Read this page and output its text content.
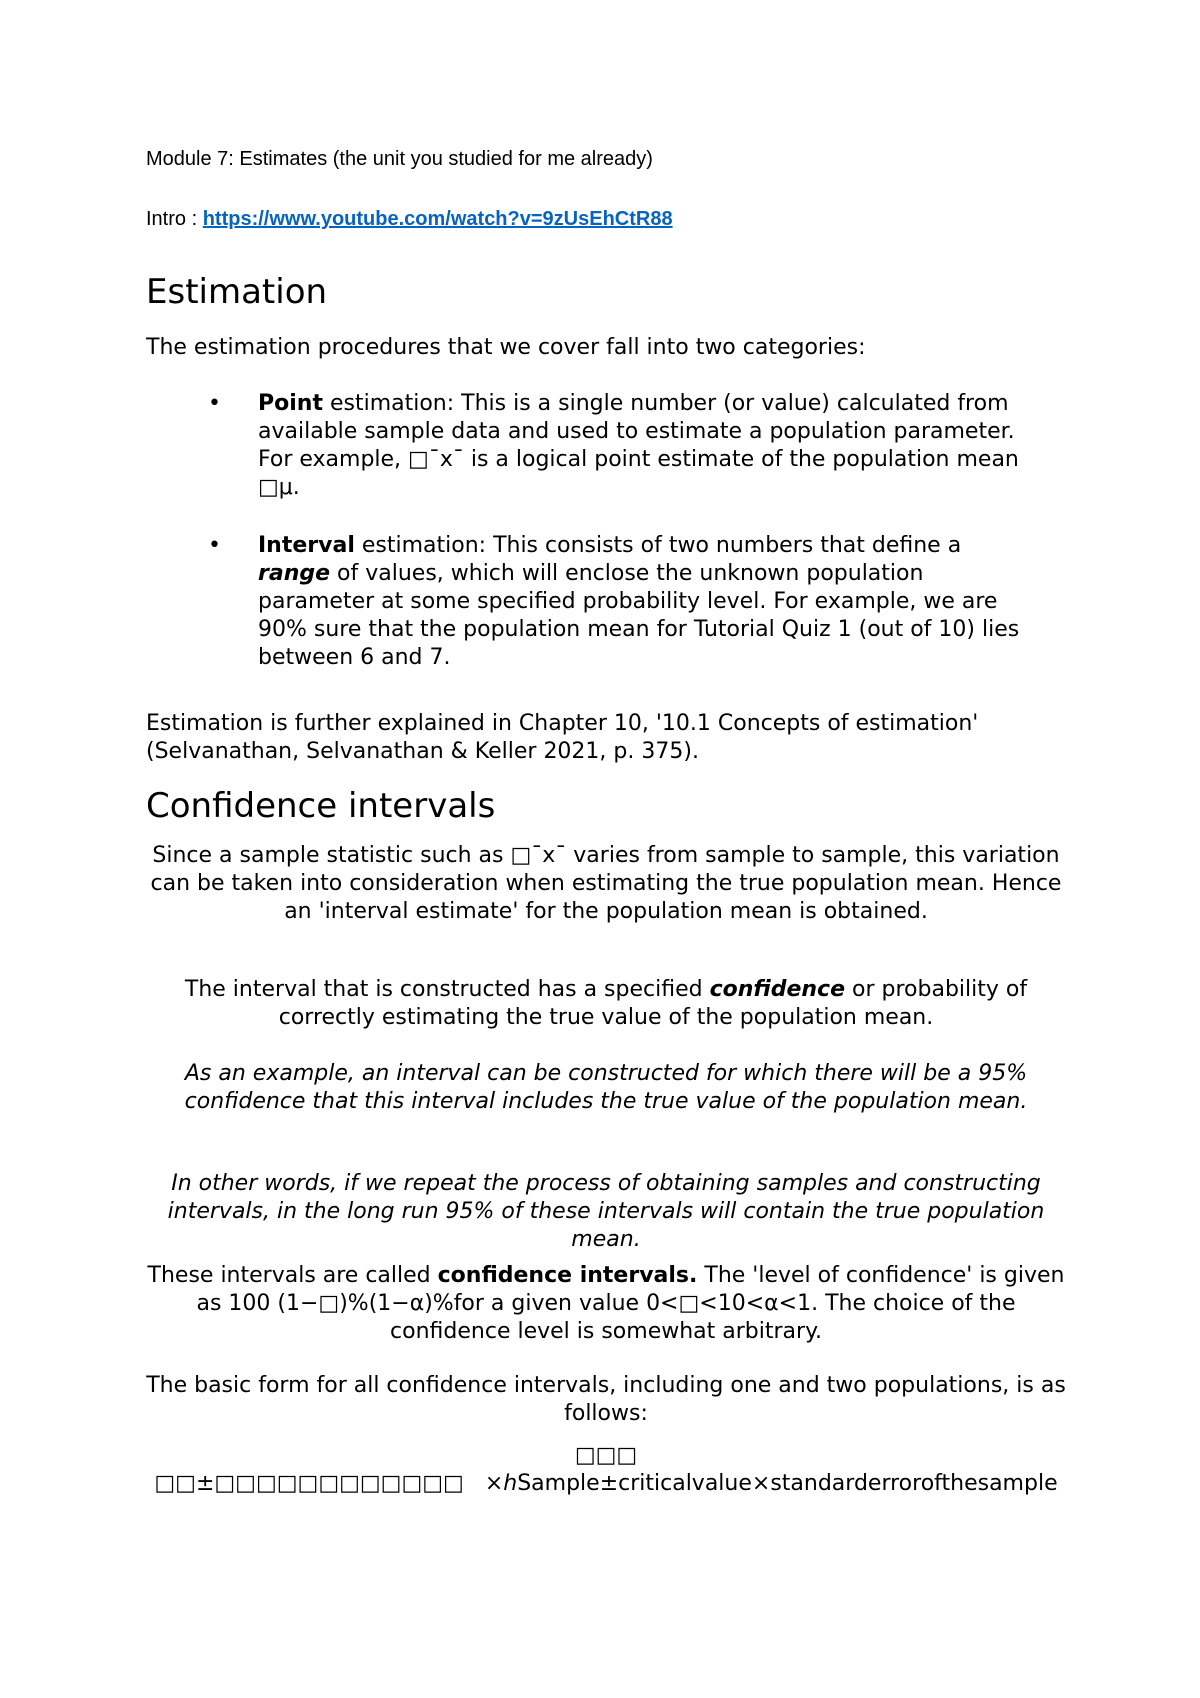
Module 7: Estimates (the unit you studied for me already)
Intro : https://www.youtube.com/watch?v=9zUsEhCtR88
Estimation

The estimation procedures that we cover fall into two categories:

• Point estimation: This is a single number (or value) calculated from available sample data and used to estimate a population parameter. For example, □¯x¯ is a logical point estimate of the population mean □μ.
• Interval estimation: This consists of two numbers that define a range of values, which will enclose the unknown population parameter at some specified probability level. For example, we are 90% sure that the population mean for Tutorial Quiz 1 (out of 10) lies between 6 and 7.

Estimation is further explained in Chapter 10, '10.1 Concepts of estimation' (Selvanathan, Selvanathan & Keller 2021, p. 375).

Confidence intervals

Since a sample statistic such as □¯x¯ varies from sample to sample, this variation can be taken into consideration when estimating the true population mean. Hence an 'interval estimate' for the population mean is obtained.

The interval that is constructed has a specified confidence or probability of correctly estimating the true value of the population mean.

As an example, an interval can be constructed for which there will be a 95% confidence that this interval includes the true value of the population mean.

In other words, if we repeat the process of obtaining samples and constructing intervals, in the long run 95% of these intervals will contain the true population mean.

These intervals are called confidence intervals. The 'level of confidence' is given as 100 (1−□)%(1−α)%for a given value 0<□<10<α<1. The choice of the confidence level is somewhat arbitrary.

The basic form for all confidence intervals, including one and two populations, is as follows:

□□□ □□±□□□□□□□□□□□□ ×ℎSample±criticalvalue×standarderrorofthesample
